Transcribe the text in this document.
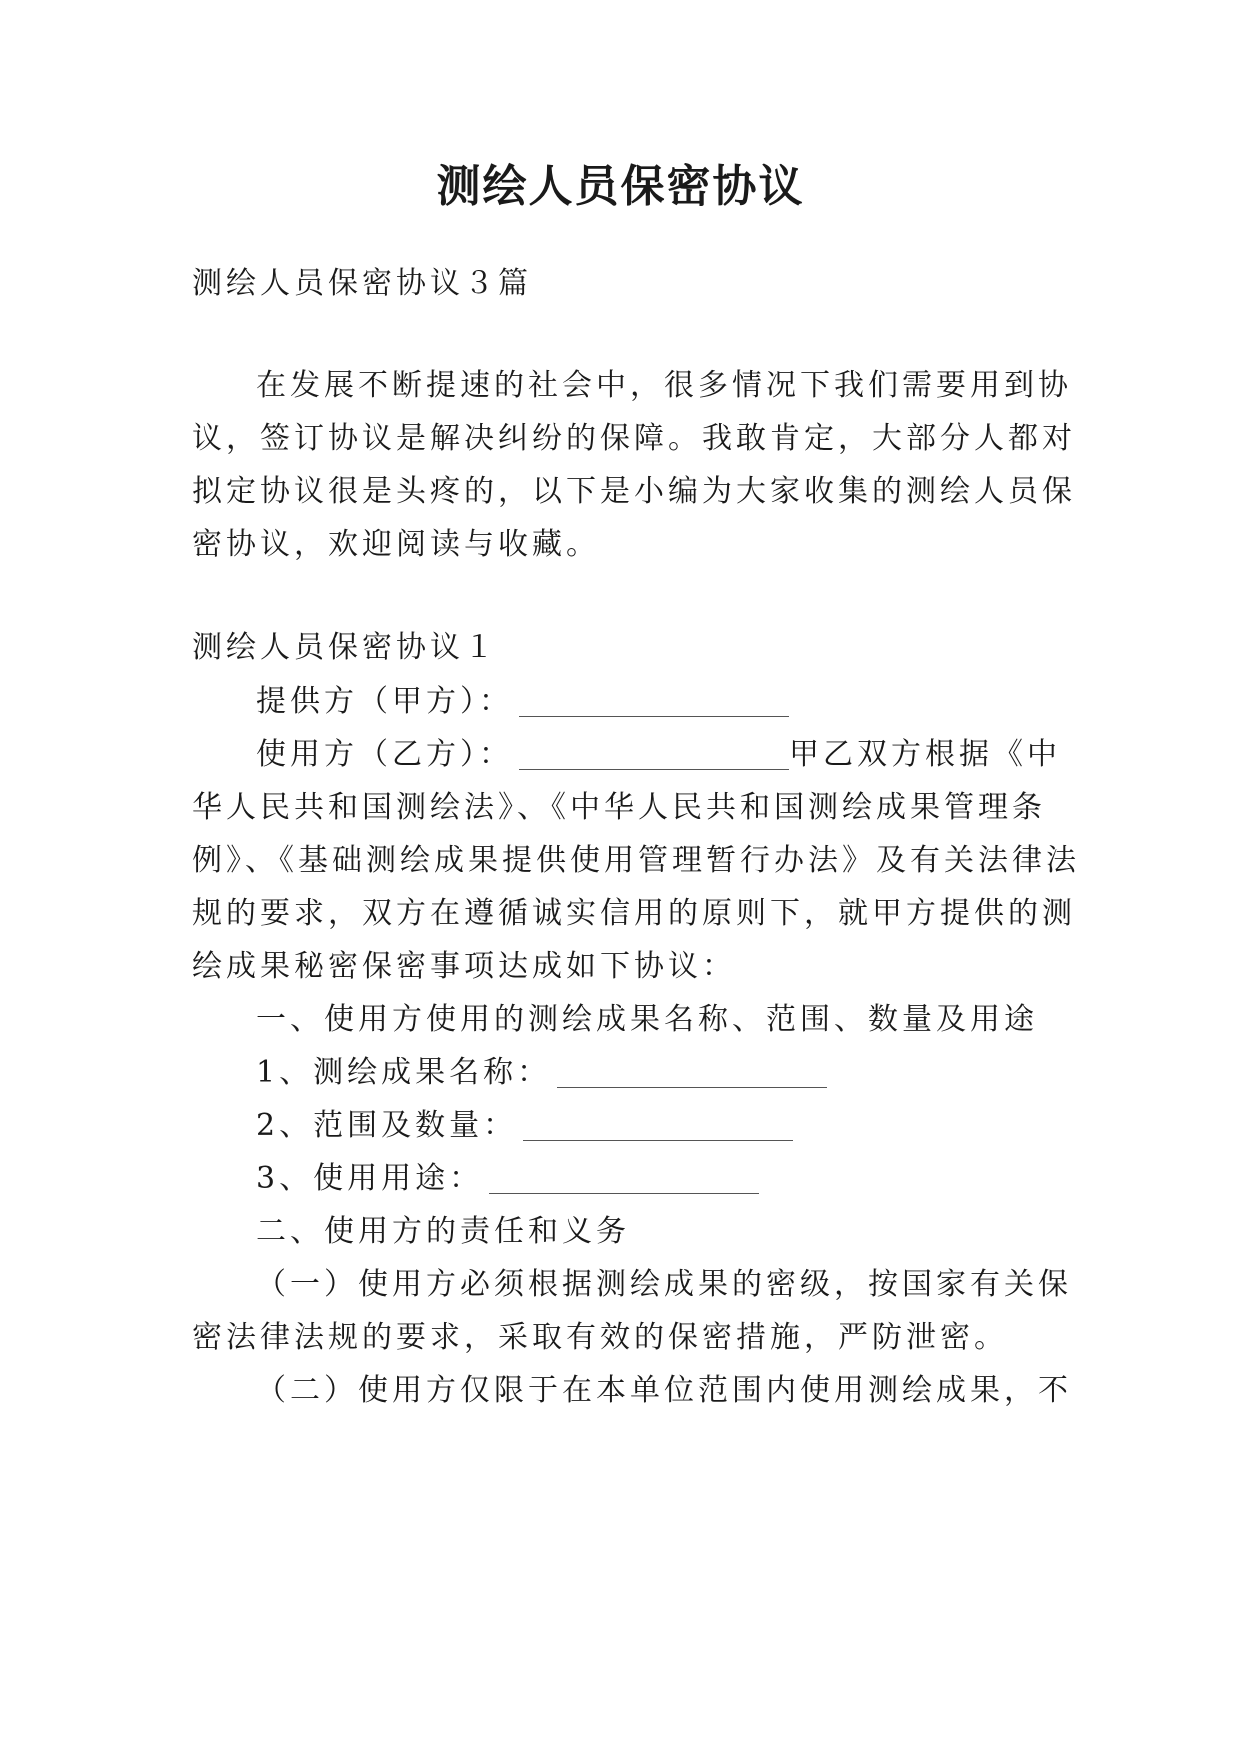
测绘人员保密协议

测绘人员保密协议３篇

在发展不断提速的社会中，很多情况下我们需要用到协

议，签订协议是解决纠纷的保障。我敢肯定，大部分人都对

拟定协议很是头疼的，以下是小编为大家收集的测绘人员保

密协议，欢迎阅读与收藏。

测绘人员保密协议１

提供方（甲方）：

使用方（乙方）：	甲乙双方根据《中

华人民共和国测绘法》、《中华人民共和国测绘成果管理条

例》、《基础测绘成果提供使用管理暂行办法》及有关法律法

规的要求，双方在遵循诚实信用的原则下，就甲方提供的测

绘成果秘密保密事项达成如下协议：

一、使用方使用的测绘成果名称、范围、数量及用途

1、测绘成果名称：

2、范围及数量：

3、使用用途：

二、使用方的责任和义务

（一）使用方必须根据测绘成果的密级，按国家有关保

密法律法规的要求，采取有效的保密措施，严防泄密。

（二）使用方仅限于在本单位范围内使用测绘成果，不
